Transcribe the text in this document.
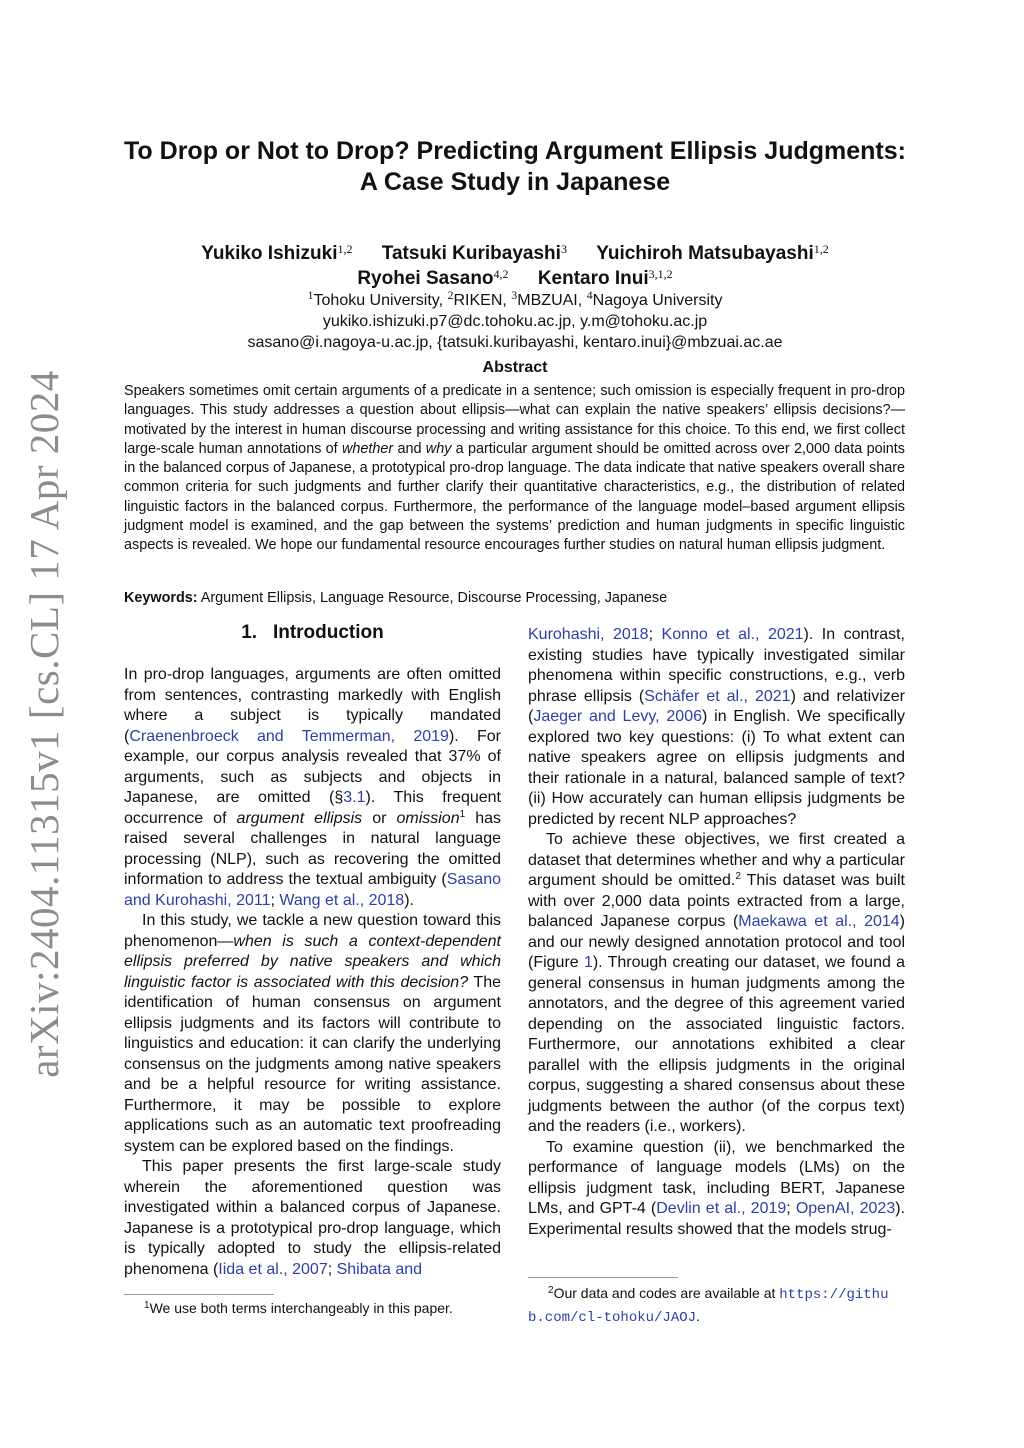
arXiv:2404.11315v1 [cs.CL] 17 Apr 2024
To Drop or Not to Drop? Predicting Argument Ellipsis Judgments:
A Case Study in Japanese
Yukiko Ishizuki$^{1,2}$ Tatsuki Kuribayashi$^3$ Yuichiroh Matsubayashi$^{1,2}$
Ryohei Sasano$^{4,2}$ Kentaro Inui$^{3,1,2}$
$^1$Tohoku University, $^2$RIKEN, $^3$MBZUAI, $^4$Nagoya University
yukiko.ishizuki.p7@dc.tohoku.ac.jp, y.m@tohoku.ac.jp
sasano@i.nagoya-u.ac.jp, {tatsuki.kuribayashi, kentaro.inui}@mbzuai.ac.ae
Abstract
Speakers sometimes omit certain arguments of a predicate in a sentence; such omission is especially frequent in pro-drop languages. This study addresses a question about ellipsis—what can explain the native speakers’ ellipsis decisions?—motivated by the interest in human discourse processing and writing assistance for this choice. To this end, we first collect large-scale human annotations of whether and why a particular argument should be omitted across over 2,000 data points in the balanced corpus of Japanese, a prototypical pro-drop language. The data indicate that native speakers overall share common criteria for such judgments and further clarify their quantitative characteristics, e.g., the distribution of related linguistic factors in the balanced corpus. Furthermore, the performance of the language model–based argument ellipsis judgment model is examined, and the gap between the systems’ prediction and human judgments in specific linguistic aspects is revealed. We hope our fundamental resource encourages further studies on natural human ellipsis judgment.
Keywords: Argument Ellipsis, Language Resource, Discourse Processing, Japanese
1. Introduction

In pro-drop languages, arguments are often omitted from sentences, contrasting markedly with English where a subject is typically mandated (Craenenbroeck and Temmerman, 2019). For example, our corpus analysis revealed that 37% of arguments, such as subjects and objects in Japanese, are omitted (§3.1). This frequent occurrence of argument ellipsis or omission$^1$ has raised several challenges in natural language processing (NLP), such as recovering the omitted information to address the textual ambiguity (Sasano and Kurohashi, 2011; Wang et al., 2018).

In this study, we tackle a new question toward this phenomenon—when is such a context-dependent ellipsis preferred by native speakers and which linguistic factor is associated with this decision? The identification of human consensus on argument ellipsis judgments and its factors will contribute to linguistics and education: it can clarify the underlying consensus on the judgments among native speakers and be a helpful resource for writing assistance. Furthermore, it may be possible to explore applications such as an automatic text proofreading system can be explored based on the findings.

This paper presents the first large-scale study wherein the aforementioned question was investigated within a balanced corpus of Japanese. Japanese is a prototypical pro-drop language, which is typically adopted to study the ellipsis-related phenomena (Iida et al., 2007; Shibata and

$^1$We use both terms interchangeably in this paper.

Kurohashi, 2018; Konno et al., 2021). In contrast, existing studies have typically investigated similar phenomena within specific constructions, e.g., verb phrase ellipsis (Schäfer et al., 2021) and relativizer (Jaeger and Levy, 2006) in English. We specifically explored two key questions: (i) To what extent can native speakers agree on ellipsis judgments and their rationale in a natural, balanced sample of text? (ii) How accurately can human ellipsis judgments be predicted by recent NLP approaches?

To achieve these objectives, we first created a dataset that determines whether and why a particular argument should be omitted.$^2$ This dataset was built with over 2,000 data points extracted from a large, balanced Japanese corpus (Maekawa et al., 2014) and our newly designed annotation protocol and tool (Figure 1). Through creating our dataset, we found a general consensus in human judgments among the annotators, and the degree of this agreement varied depending on the associated linguistic factors. Furthermore, our annotations exhibited a clear parallel with the ellipsis judgments in the original corpus, suggesting a shared consensus about these judgments between the author (of the corpus text) and the readers (i.e., workers).

To examine question (ii), we benchmarked the performance of language models (LMs) on the ellipsis judgment task, including BERT, Japanese LMs, and GPT-4 (Devlin et al., 2019; OpenAI, 2023). Experimental results showed that the models strug-

$^2$Our data and codes are available at https://github.com/cl-tohoku/JAOJ.
